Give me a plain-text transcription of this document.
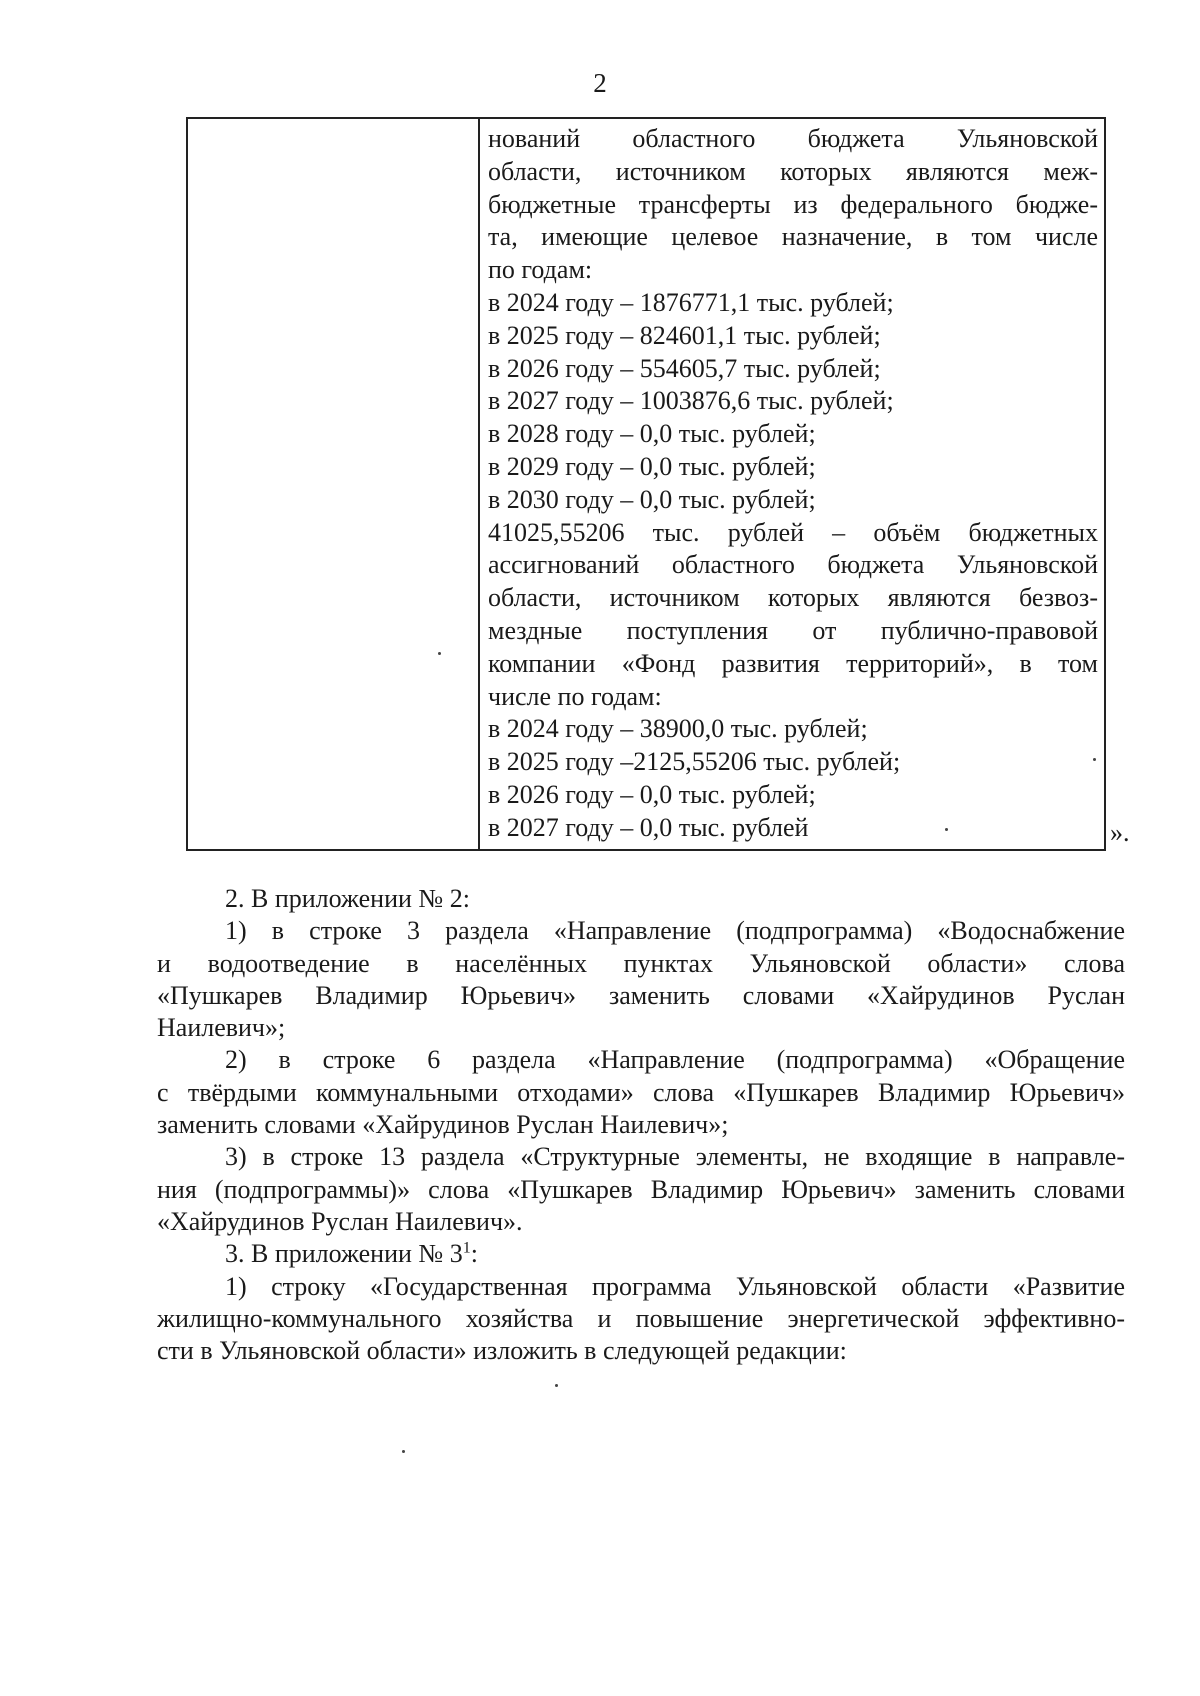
2
нований областного бюджета Ульяновской
области, источником которых являются меж-
бюджетные трансферты из федерального бюдже-
та, имеющие целевое назначение, в том числе
по годам:
в 2024 году – 1876771,1 тыс. рублей;
в 2025 году – 824601,1 тыс. рублей;
в 2026 году – 554605,7 тыс. рублей;
в 2027 году – 1003876,6 тыс. рублей;
в 2028 году – 0,0 тыс. рублей;
в 2029 году – 0,0 тыс. рублей;
в 2030 году – 0,0 тыс. рублей;
41025,55206 тыс. рублей – объём бюджетных
ассигнований областного бюджета Ульяновской
области, источником которых являются безвоз-
мездные поступления от публично-правовой
компании «Фонд развития территорий», в том
числе по годам:
в 2024 году – 38900,0 тыс. рублей;
в 2025 году –2125,55206 тыс. рублей;
в 2026 году – 0,0 тыс. рублей;
в 2027 году – 0,0 тыс. рублей	».
2. В приложении № 2:
1) в строке 3 раздела «Направление (подпрограмма) «Водоснабжение
и водоотведение в населённых пунктах Ульяновской области» слова
«Пушкарев Владимир Юрьевич» заменить словами «Хайрудинов Руслан
Наилевич»;
2) в строке 6 раздела «Направление (подпрограмма) «Обращение
с твёрдыми коммунальными отходами» слова «Пушкарев Владимир Юрьевич»
заменить словами «Хайрудинов Руслан Наилевич»;
3) в строке 13 раздела «Структурные элементы, не входящие в направле-
ния (подпрограммы)» слова «Пушкарев Владимир Юрьевич» заменить словами
«Хайрудинов Руслан Наилевич».
3. В приложении № $3^1$:
1) строку «Государственная программа Ульяновской области «Развитие
жилищно-коммунального хозяйства и повышение энергетической эффективно-
сти в Ульяновской области» изложить в следующей редакции:
